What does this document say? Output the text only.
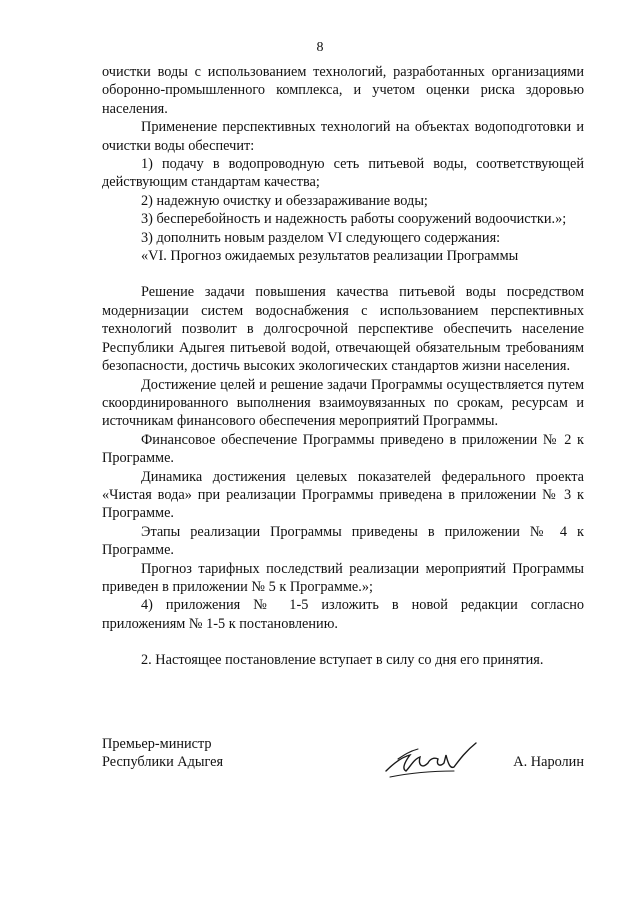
8

очистки воды с использованием технологий, разработанных организациями оборонно-промышленного комплекса, и учетом оценки риска здоровью населения.

Применение перспективных технологий на объектах водоподготовки и очистки воды обеспечит:

1) подачу в водопроводную сеть питьевой воды, соответствующей действующим стандартам качества;

2) надежную очистку и обеззараживание воды;

3) бесперебойность и надежность работы сооружений водоочистки.»;

3) дополнить новым разделом VI следующего содержания:

«VI. Прогноз ожидаемых результатов реализации Программы

Решение задачи повышения качества питьевой воды посредством модернизации систем водоснабжения с использованием перспективных технологий позволит в долгосрочной перспективе обеспечить население Республики Адыгея питьевой водой, отвечающей обязательным требованиям безопасности, достичь высоких экологических стандартов жизни населения.

Достижение целей и решение задачи Программы осуществляется путем скоординированного выполнения взаимоувязанных по срокам, ресурсам и источникам финансового обеспечения мероприятий Программы.

Финансовое обеспечение Программы приведено в приложении № 2 к Программе.

Динамика достижения целевых показателей федерального проекта «Чистая вода» при реализации Программы приведена в приложении № 3 к Программе.

Этапы реализации Программы приведены в приложении № 4 к Программе.

Прогноз тарифных последствий реализации мероприятий Программы приведен в приложении № 5 к Программе.»;

4) приложения № 1-5 изложить в новой редакции согласно приложениям № 1-5 к постановлению.

2. Настоящее постановление вступает в силу со дня его принятия.

Премьер-министр
Республики Адыгея	А. Наролин
